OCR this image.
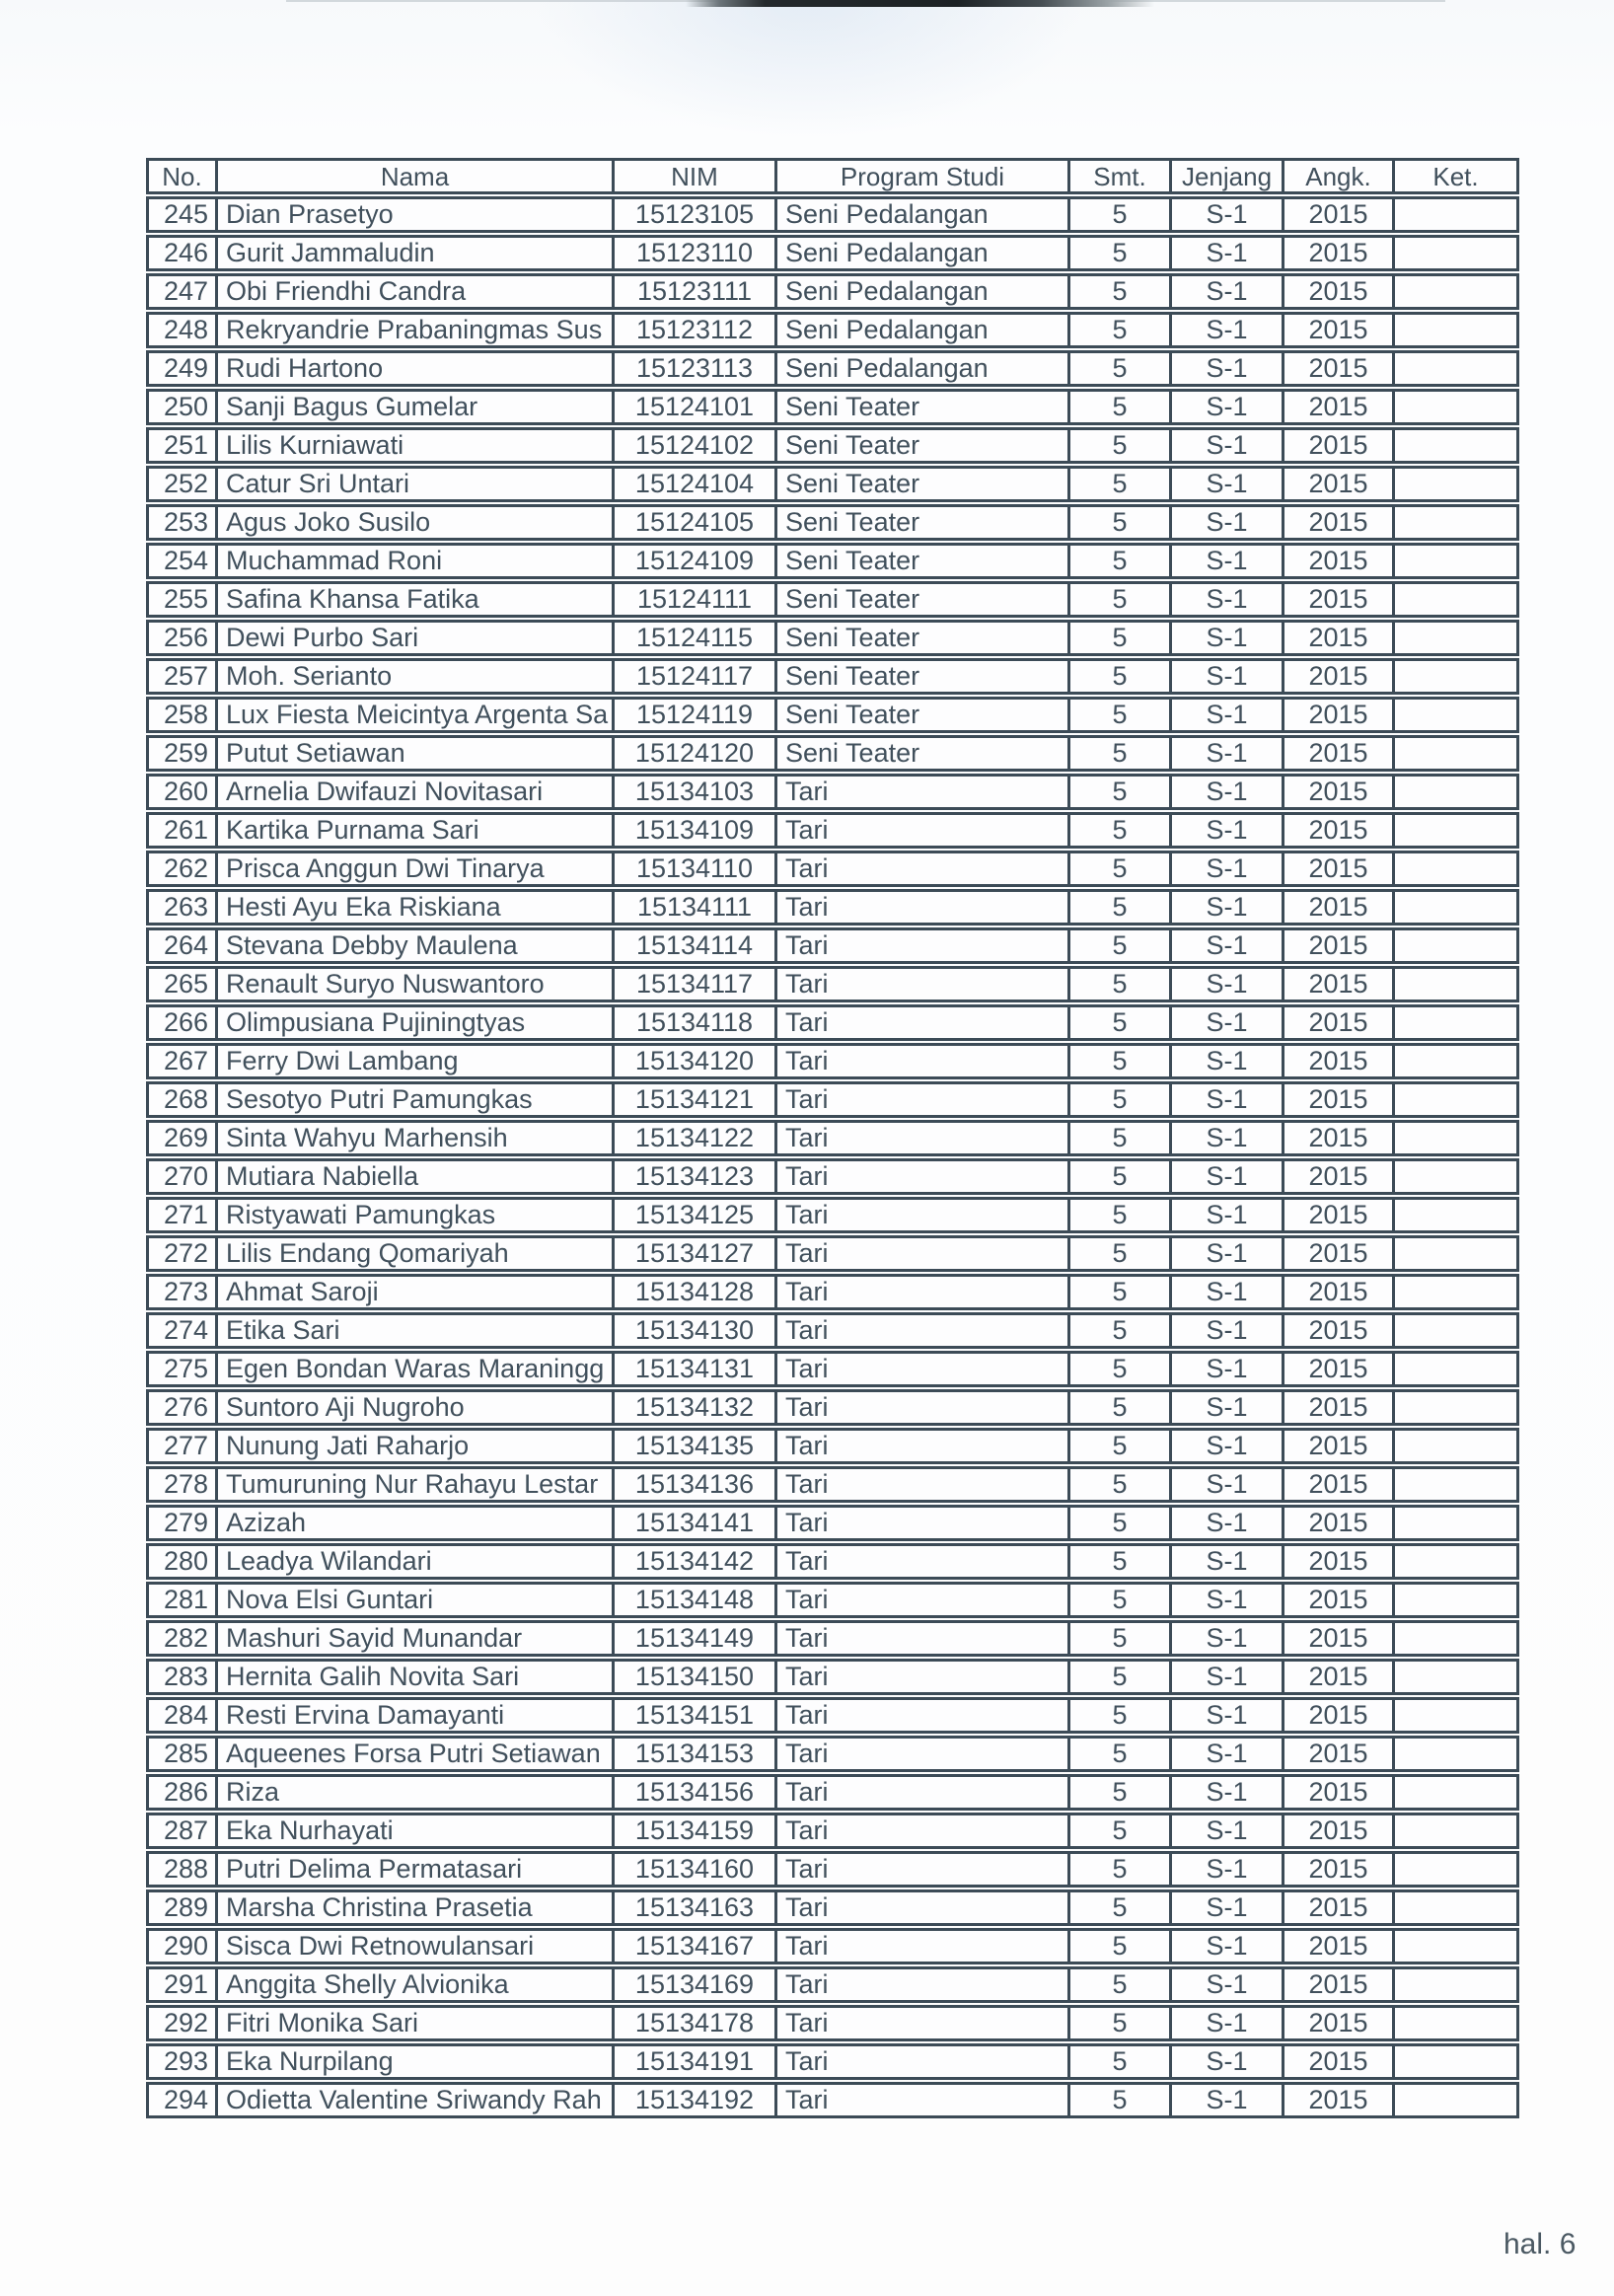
No.	Nama	NIM	Program Studi	Smt.	Jenjang	Angk.	Ket.
245	Dian Prasetyo	15123105	Seni Pedalangan	5	S-1	2015	
246	Gurit Jammaludin	15123110	Seni Pedalangan	5	S-1	2015	
247	Obi Friendhi Candra	15123111	Seni Pedalangan	5	S-1	2015	
248	Rekryandrie Prabaningmas Sus	15123112	Seni Pedalangan	5	S-1	2015	
249	Rudi Hartono	15123113	Seni Pedalangan	5	S-1	2015	
250	Sanji Bagus Gumelar	15124101	Seni Teater	5	S-1	2015	
251	Lilis Kurniawati	15124102	Seni Teater	5	S-1	2015	
252	Catur Sri Untari	15124104	Seni Teater	5	S-1	2015	
253	Agus Joko Susilo	15124105	Seni Teater	5	S-1	2015	
254	Muchammad Roni	15124109	Seni Teater	5	S-1	2015	
255	Safina Khansa Fatika	15124111	Seni Teater	5	S-1	2015	
256	Dewi Purbo Sari	15124115	Seni Teater	5	S-1	2015	
257	Moh. Serianto	15124117	Seni Teater	5	S-1	2015	
258	Lux Fiesta Meicintya Argenta Sa	15124119	Seni Teater	5	S-1	2015	
259	Putut Setiawan	15124120	Seni Teater	5	S-1	2015	
260	Arnelia Dwifauzi Novitasari	15134103	Tari	5	S-1	2015	
261	Kartika Purnama Sari	15134109	Tari	5	S-1	2015	
262	Prisca Anggun Dwi Tinarya	15134110	Tari	5	S-1	2015	
263	Hesti Ayu Eka Riskiana	15134111	Tari	5	S-1	2015	
264	Stevana Debby Maulena	15134114	Tari	5	S-1	2015	
265	Renault Suryo Nuswantoro	15134117	Tari	5	S-1	2015	
266	Olimpusiana Pujiningtyas	15134118	Tari	5	S-1	2015	
267	Ferry Dwi Lambang	15134120	Tari	5	S-1	2015	
268	Sesotyo Putri Pamungkas	15134121	Tari	5	S-1	2015	
269	Sinta Wahyu Marhensih	15134122	Tari	5	S-1	2015	
270	Mutiara Nabiella	15134123	Tari	5	S-1	2015	
271	Ristyawati Pamungkas	15134125	Tari	5	S-1	2015	
272	Lilis Endang Qomariyah	15134127	Tari	5	S-1	2015	
273	Ahmat Saroji	15134128	Tari	5	S-1	2015	
274	Etika Sari	15134130	Tari	5	S-1	2015	
275	Egen Bondan Waras Maraningg	15134131	Tari	5	S-1	2015	
276	Suntoro Aji Nugroho	15134132	Tari	5	S-1	2015	
277	Nunung Jati Raharjo	15134135	Tari	5	S-1	2015	
278	Tumuruning Nur Rahayu Lestar	15134136	Tari	5	S-1	2015	
279	Azizah	15134141	Tari	5	S-1	2015	
280	Leadya Wilandari	15134142	Tari	5	S-1	2015	
281	Nova Elsi Guntari	15134148	Tari	5	S-1	2015	
282	Mashuri Sayid Munandar	15134149	Tari	5	S-1	2015	
283	Hernita Galih Novita Sari	15134150	Tari	5	S-1	2015	
284	Resti Ervina Damayanti	15134151	Tari	5	S-1	2015	
285	Aqueenes Forsa Putri Setiawan	15134153	Tari	5	S-1	2015	
286	Riza	15134156	Tari	5	S-1	2015	
287	Eka Nurhayati	15134159	Tari	5	S-1	2015	
288	Putri Delima Permatasari	15134160	Tari	5	S-1	2015	
289	Marsha Christina Prasetia	15134163	Tari	5	S-1	2015	
290	Sisca Dwi Retnowulansari	15134167	Tari	5	S-1	2015	
291	Anggita Shelly Alvionika	15134169	Tari	5	S-1	2015	
292	Fitri Monika Sari	15134178	Tari	5	S-1	2015	
293	Eka Nurpilang	15134191	Tari	5	S-1	2015	
294	Odietta Valentine Sriwandy Rah	15134192	Tari	5	S-1	2015	
hal. 6
